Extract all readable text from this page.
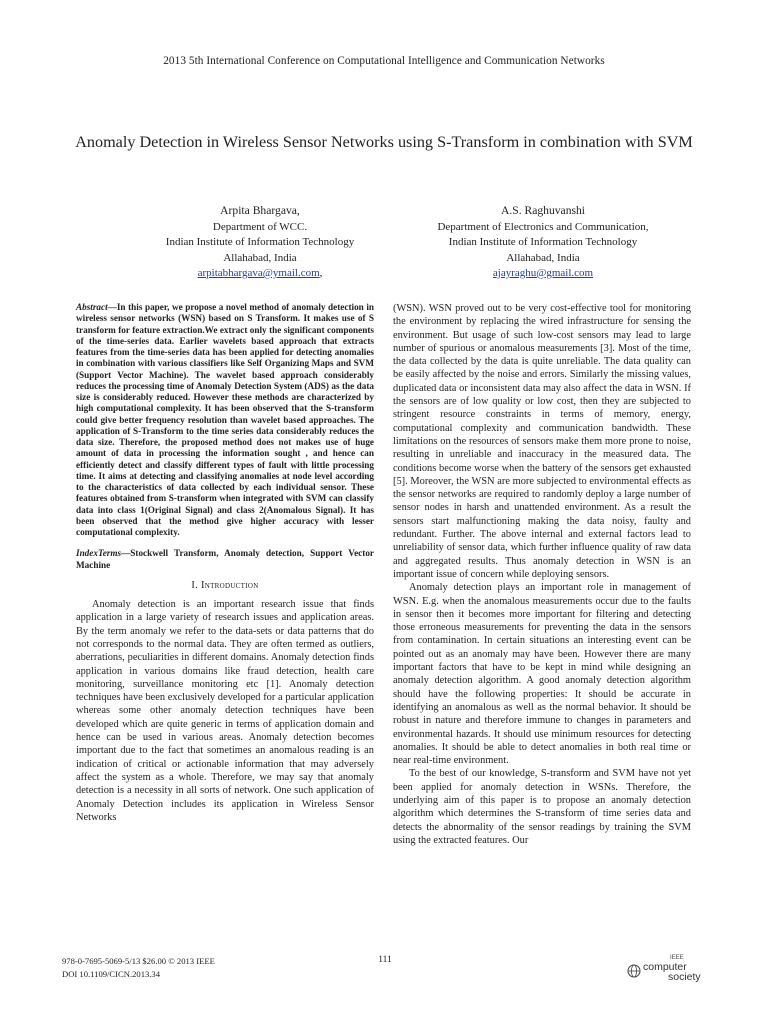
2013 5th International Conference on Computational Intelligence and Communication Networks
Anomaly Detection in Wireless Sensor Networks using S-Transform in combination with SVM
Arpita Bhargava,
Department of WCC.
Indian Institute of Information Technology
Allahabad, India
arpitabhargava@ymail.com,
A.S. Raghuvanshi
Department of Electronics and Communication,
Indian Institute of Information Technology
Allahabad, India
ajayraghu@gmail.com

Abstract—In this paper, we propose a novel method of anomaly detection in wireless sensor networks (WSN) based on S Transform. It makes use of S transform for feature extraction.We extract only the significant components of the time-series data. Earlier wavelets based approach that extracts features from the time-series data has been applied for detecting anomalies in combination with various classifiers like Self Organizing Maps and SVM (Support Vector Machine). The wavelet based approach considerably reduces the processing time of Anomaly Detection System (ADS) as the data size is considerably reduced. However these methods are characterized by high computational complexity. It has been observed that the S-transform could give better frequency resolution than wavelet based approaches. The application of S-Transform to the time series data considerably reduces the data size. Therefore, the proposed method does not makes use of huge amount of data in processing the information sought , and hence can efficiently detect and classify different types of fault with little processing time. It aims at detecting and classifying anomalies at node level according to the characteristics of data collected by each individual sensor. These features obtained from S-transform when integrated with SVM can classify data into class 1(Original Signal) and class 2(Anomalous Signal). It has been observed that the method give higher accuracy with lesser computational complexity.

IndexTerms—Stockwell Transform, Anomaly detection, Support Vector Machine

I. Introduction

Anomaly detection is an important research issue that finds application in a large variety of research issues and application areas. By the term anomaly we refer to the data-sets or data patterns that do not corresponds to the normal data. They are often termed as outliers, aberrations, peculiarities in different domains. Anomaly detection finds application in various domains like fraud detection, health care monitoring, surveillance monitoring etc [1]. Anomaly detection techniques have been exclusively developed for a particular application whereas some other anomaly detection techniques have been developed which are quite generic in terms of application domain and hence can be used in various areas. Anomaly detection becomes important due to the fact that sometimes an anomalous reading is an indication of critical or actionable information that may adversely affect the system as a whole. Therefore, we may say that anomaly detection is a necessity in all sorts of network. One such application of Anomaly Detection includes its application in Wireless Sensor Networks

(WSN). WSN proved out to be very cost-effective tool for monitoring the environment by replacing the wired infrastructure for sensing the environment. But usage of such low-cost sensors may lead to large number of spurious or anomalous measurements [3]. Most of the time, the data collected by the data is quite unreliable. The data quality can be easily affected by the noise and errors. Similarly the missing values, duplicated data or inconsistent data may also affect the data in WSN. If the sensors are of low quality or low cost, then they are subjected to stringent resource constraints in terms of memory, energy, computational complexity and communication bandwidth. These limitations on the resources of sensors make them more prone to noise, resulting in unreliable and inaccuracy in the measured data. The conditions become worse when the battery of the sensors get exhausted [5]. Moreover, the WSN are more subjected to environmental effects as the sensor networks are required to randomly deploy a large number of sensor nodes in harsh and unattended environment. As a result the sensors start malfunctioning making the data noisy, faulty and redundant. Further. The above internal and external factors lead to unreliability of sensor data, which further influence quality of raw data and aggregated results. Thus anomaly detection in WSN is an important issue of concern while deploying sensors.

Anomaly detection plays an important role in management of WSN. E.g. when the anomalous measurements occur due to the faults in sensor then it becomes more important for filtering and detecting those erroneous measurements for preventing the data in the sensors from contamination. In certain situations an interesting event can be pointed out as an anomaly may have been. However there are many important factors that have to be kept in mind while designing an anomaly detection algorithm. A good anomaly detection algorithm should have the following properties: It should be accurate in identifying an anomalous as well as the normal behavior. It should be robust in nature and therefore immune to changes in parameters and environmental hazards. It should use minimum resources for detecting anomalies. It should be able to detect anomalies in both real time or near real-time environment.

To the best of our knowledge, S-transform and SVM have not yet been applied for anomaly detection in WSNs. Therefore, the underlying aim of this paper is to propose an anomaly detection algorithm which determines the S-transform of time series data and detects the abnormality of the sensor readings by training the SVM using the extracted features. Our

978-0-7695-5069-5/13 $26.00 © 2013 IEEE
DOI 10.1109/CICN.2013.34
111	IEEE
computer
society
